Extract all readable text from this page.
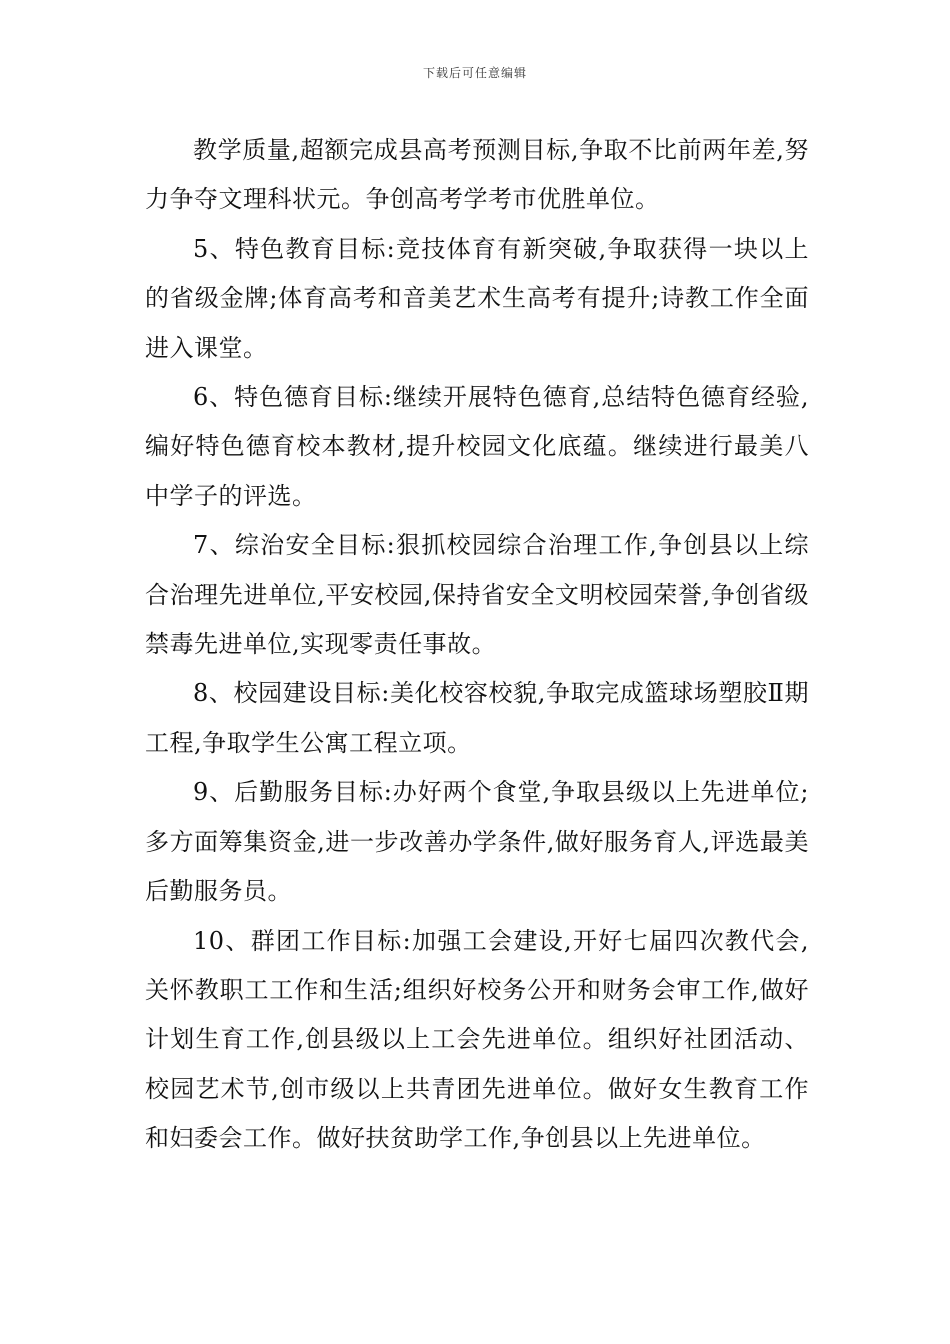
下载后可任意编辑

教学质量,超额完成县高考预测目标,争取不比前两年差,努力争夺文理科状元。争创高考学考市优胜单位。

5、特色教育目标:竞技体育有新突破,争取获得一块以上的省级金牌;体育高考和音美艺术生高考有提升;诗教工作全面进入课堂。

6、特色德育目标:继续开展特色德育,总结特色德育经验,编好特色德育校本教材,提升校园文化底蕴。继续进行最美八中学子的评选。

7、综治安全目标:狠抓校园综合治理工作,争创县以上综合治理先进单位,平安校园,保持省安全文明校园荣誉,争创省级禁毒先进单位,实现零责任事故。

8、校园建设目标:美化校容校貌,争取完成篮球场塑胶Ⅱ期工程,争取学生公寓工程立项。

9、后勤服务目标:办好两个食堂,争取县级以上先进单位;多方面筹集资金,进一步改善办学条件,做好服务育人,评选最美后勤服务员。

10、群团工作目标:加强工会建设,开好七届四次教代会,关怀教职工工作和生活;组织好校务公开和财务会审工作,做好计划生育工作,创县级以上工会先进单位。组织好社团活动、校园艺术节,创市级以上共青团先进单位。做好女生教育工作和妇委会工作。做好扶贫助学工作,争创县以上先进单位。
